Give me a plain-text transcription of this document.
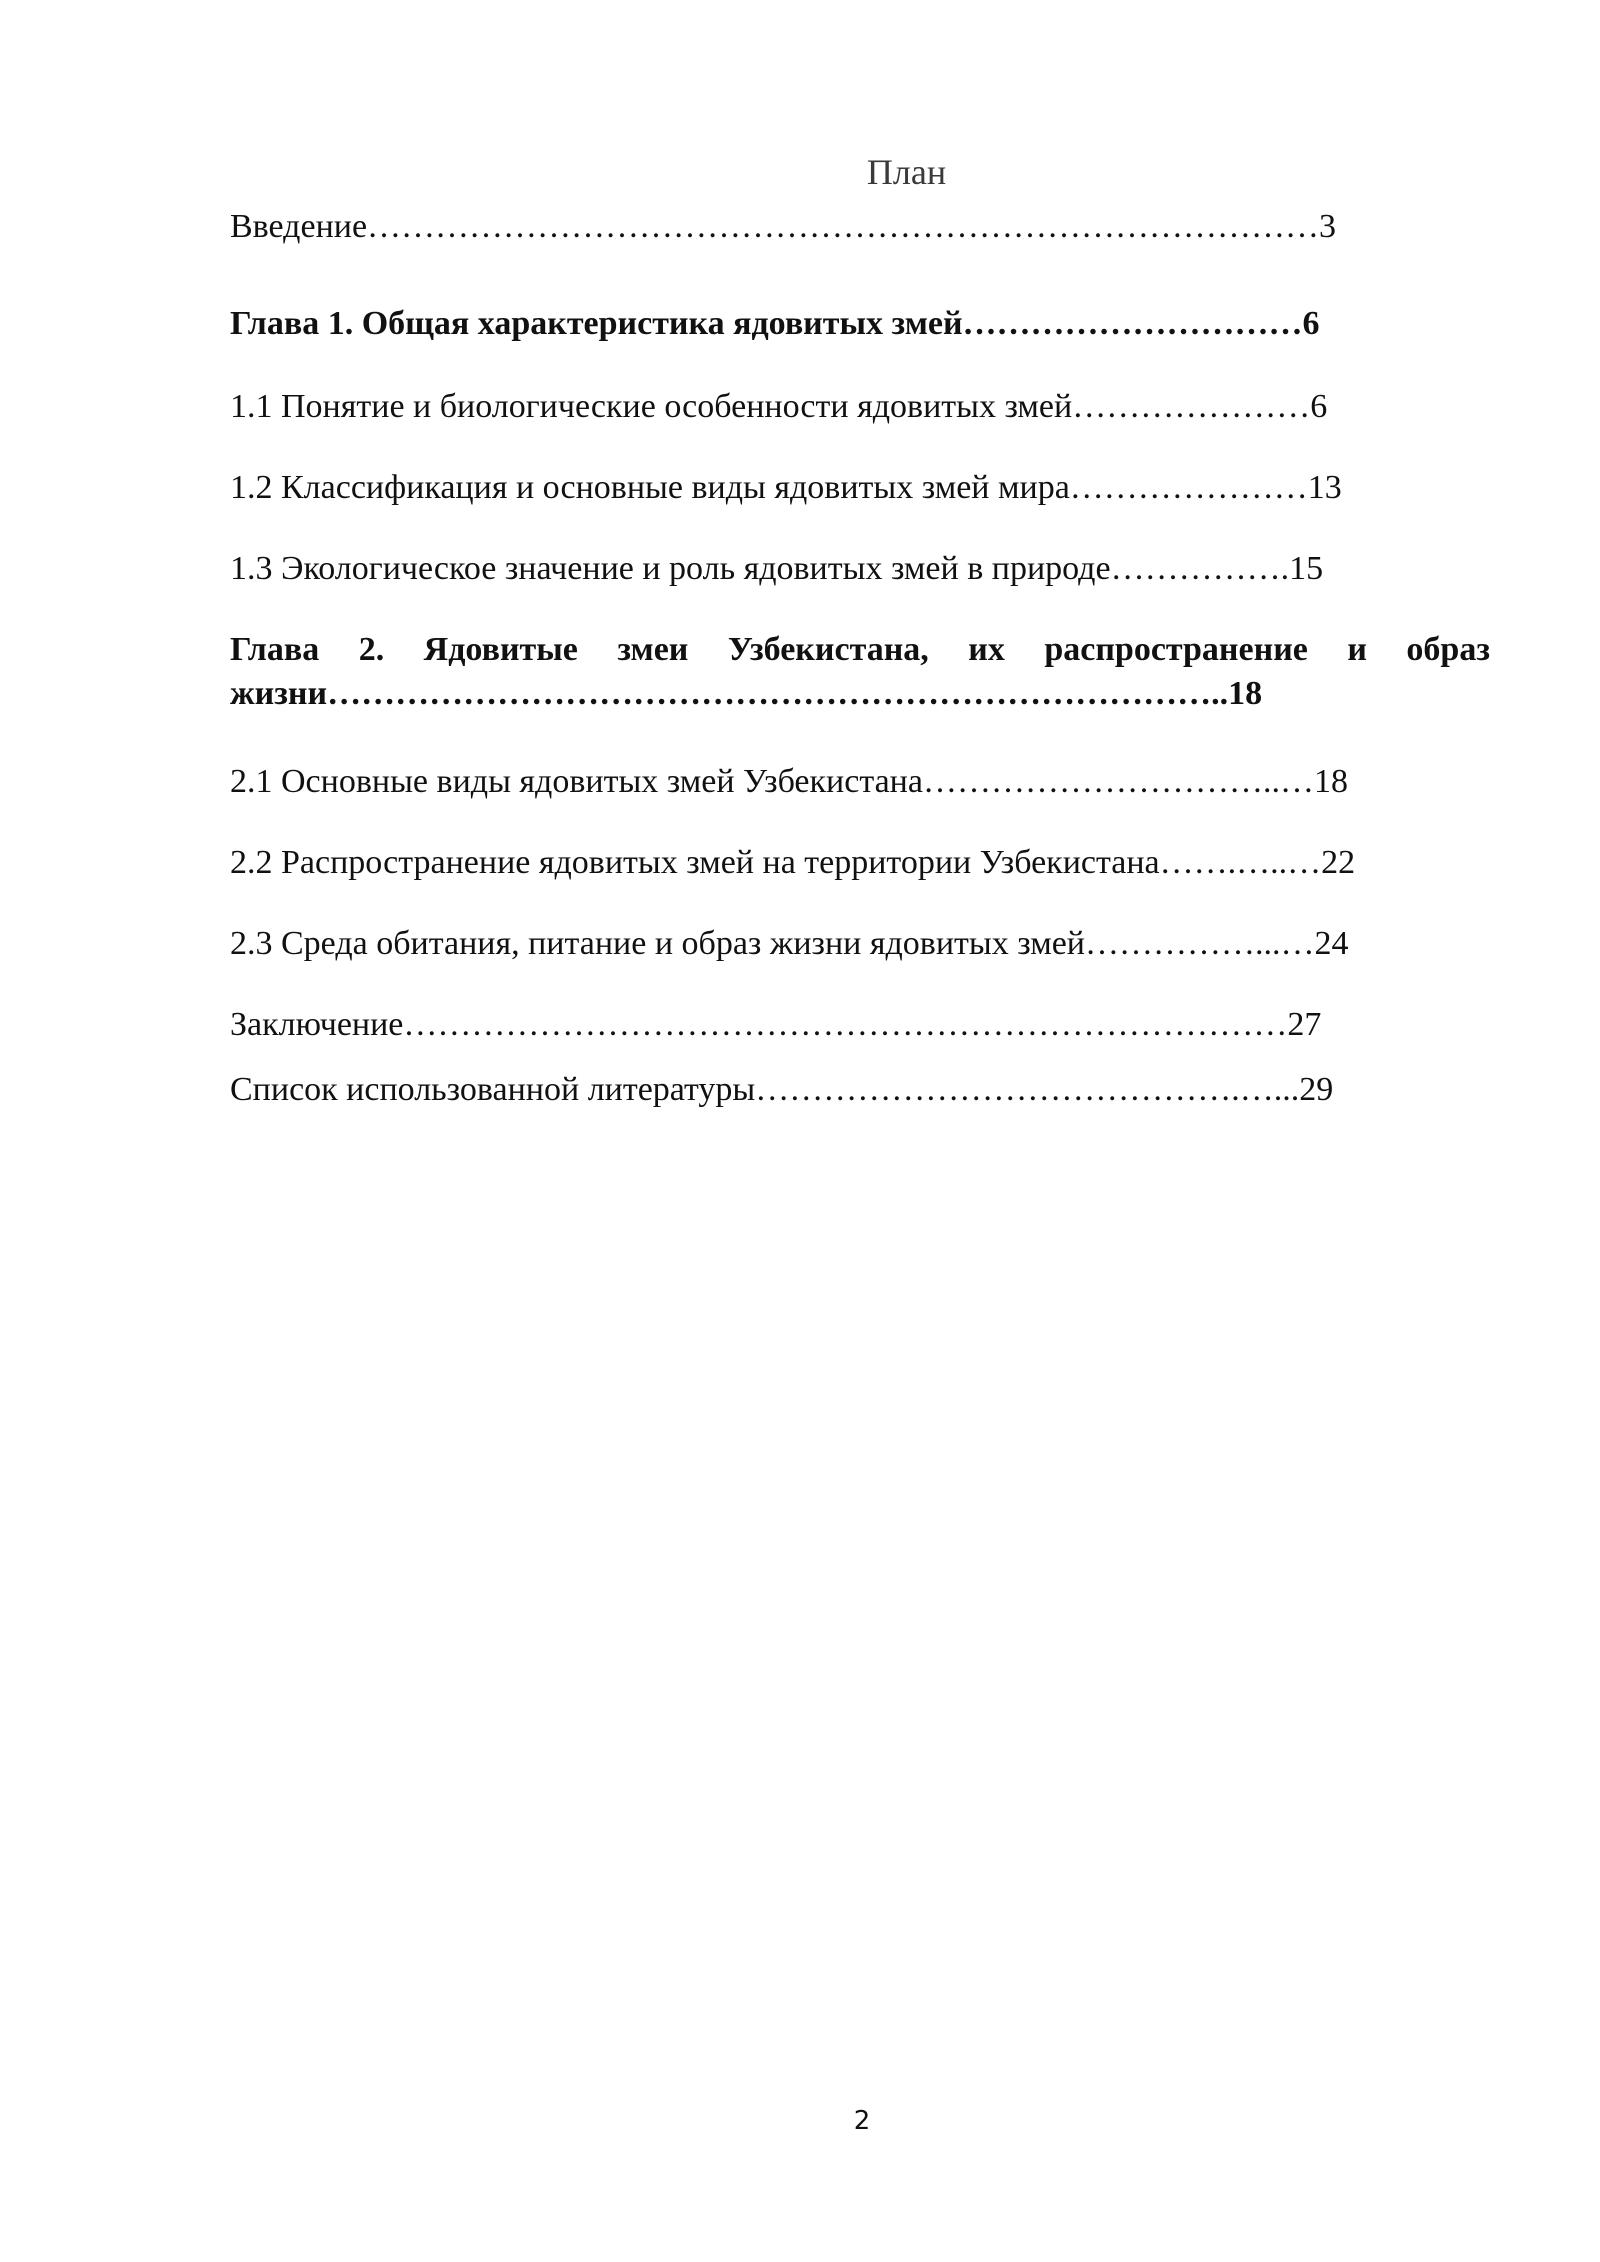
План
Введение…………………………………………………………………………3
Глава 1. Общая характеристика ядовитых змей…………………………6
1.1 Понятие и биологические особенности ядовитых змей…………………6
1.2 Классификация и основные виды ядовитых змей мира…………………13
1.3 Экологическое значение и роль ядовитых змей в природе…………….15
Глава 2. Ядовитые змеи Узбекистана, их распространение и образ жизни……………………………………………………………………..18
2.1 Основные виды ядовитых змей Узбекистана…………………………..…18
2.2 Распространение ядовитых змей на территории Узбекистана…….…..…22
2.3 Среда обитания, питание и образ жизни ядовитых змей……………...…24
Заключение……………………………………………………………………27
Список использованной литературы…………………………………….…...29
2
